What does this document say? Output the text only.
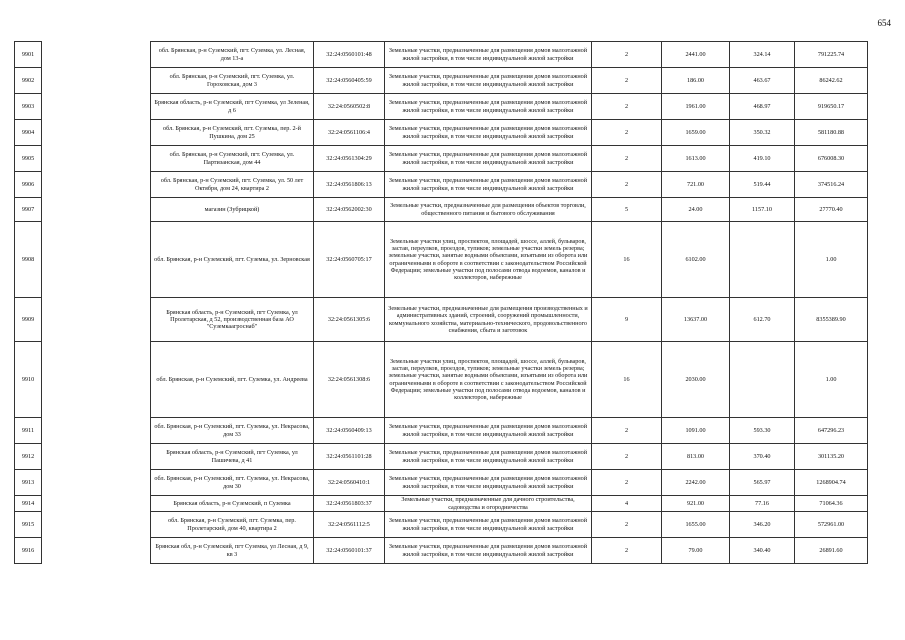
654
9901		обл. Брянская, р-н Суземский, пгт. Суземка, ул. Лесная, дом 13-а	32:24:0560101:48	Земельные участки, предназначенные для размещения домов малоэтажной жилой застройки, в том числе индивидуальной жилой застройки	2	2441.00	324.14	791225.74
9902		обл. Брянская, р-н Суземский, пгт. Суземка, ул. Гороховская, дом 3	32:24:0560405:59	Земельные участки, предназначенные для размещения домов малоэтажной жилой застройки, в том числе индивидуальной жилой застройки	2	186.00	463.67	86242.62
9903		Брянская область, р-н Суземский, пгт Суземка, ул Зеленая, д 6	32:24:0560502:8	Земельные участки, предназначенные для размещения домов малоэтажной жилой застройки, в том числе индивидуальной жилой застройки	2	1961.00	468.97	919650.17
9904		обл. Брянская, р-н Суземский, пгт. Суземка, пер. 2-й Пушкина, дом 25	32:24:0561106:4	Земельные участки, предназначенные для размещения домов малоэтажной жилой застройки, в том числе индивидуальной жилой застройки	2	1659.00	350.32	581180.88
9905		обл. Брянская, р-н Суземский, пгт. Суземка, ул. Партизанская, дом 44	32:24:0561304:29	Земельные участки, предназначенные для размещения домов малоэтажной жилой застройки, в том числе индивидуальной жилой застройки	2	1613.00	419.10	676008.30
9906		обл. Брянская, р-н Суземский, пгт. Суземка, ул. 50 лет Октября, дом 24, квартира 2	32:24:0561806:13	Земельные участки, предназначенные для размещения домов малоэтажной жилой застройки, в том числе индивидуальной жилой застройки	2	721.00	519.44	374516.24
9907		магазин (Зубрицкой)	32:24:0562002:30	Земельные участки, предназначенные для размещения объектов торговли, общественного питания и бытового обслуживания	5	24.00	1157.10	27770.40
9908		обл. Брянская, р-н Суземский, пгт. Суземка, ул. Зерновская	32:24:0560705:17	Земельные участки улиц, проспектов, площадей, шоссе, аллей, бульваров, застав, переулков, проездов, тупиков; земельные участки земель резерва; земельные участки, занятые водными объектами, изъятыми из оборота или ограниченными в обороте в соответствии с законодательством Российской Федерации; земельные участки под полосами отвода водоемов, каналов и коллекторов, набережные	16	6102.00		1.00
9909		Брянская область, р-н Суземский, пгт Суземка, ул Пролетарская, д 52, производственная база АО "Суземкаагроснаб"	32:24:0561305:6	Земельные участки, предназначенные для размещения производственных и административных зданий, строений, сооружений промышленности, коммунального хозяйства, материально-технического, продовольственного снабжения, сбыта и заготовок	9	13637.00	612.70	8355389.90
9910		обл. Брянская, р-н Суземский, пгт. Суземка, ул. Андреева	32:24:0561308:6	Земельные участки улиц, проспектов, площадей, шоссе, аллей, бульваров, застав, переулков, проездов, тупиков; земельные участки земель резерва; земельные участки, занятые водными объектами, изъятыми из оборота или ограниченными в обороте в соответствии с законодательством Российской Федерации; земельные участки под полосами отвода водоемов, каналов и коллекторов, набережные	16	2030.00		1.00
9911		обл. Брянская, р-н Суземский, пгт. Суземка, ул. Некрасова, дом 33	32:24:0560409:13	Земельные участки, предназначенные для размещения домов малоэтажной жилой застройки, в том числе индивидуальной жилой застройки	2	1091.00	593.30	647296.23
9912		Брянская область, р-н Суземский, пгт Суземка, ул Пашичева, д 41	32:24:0561101:28	Земельные участки, предназначенные для размещения домов малоэтажной жилой застройки, в том числе индивидуальной жилой застройки	2	813.00	370.40	301135.20
9913		обл. Брянская, р-н Суземский, пгт. Суземка, ул. Некрасова, дом 30	32:24:0560410:1	Земельные участки, предназначенные для размещения домов малоэтажной жилой застройки, в том числе индивидуальной жилой застройки	2	2242.00	565.97	1268904.74
9914		Брянская область, р-н Суземский, п Суземка	32:24:0561803:37	Земельные участки, предназначенные для дачного строительства, садоводства и огородничества	4	921.00	77.16	71064.36
9915		обл. Брянская, р-н Суземский, пгт. Суземка, пер. Пролетарский, дом 40, квартира 2	32:24:0561112:5	Земельные участки, предназначенные для размещения домов малоэтажной жилой застройки, в том числе индивидуальной жилой застройки	2	1655.00	346.20	572961.00
9916		Брянская обл, р-н Суземский, пгт Суземка, ул Лесная, д 9, кв 3	32:24:0560101:37	Земельные участки, предназначенные для размещения домов малоэтажной жилой застройки, в том числе индивидуальной жилой застройки	2	79.00	340.40	26891.60
